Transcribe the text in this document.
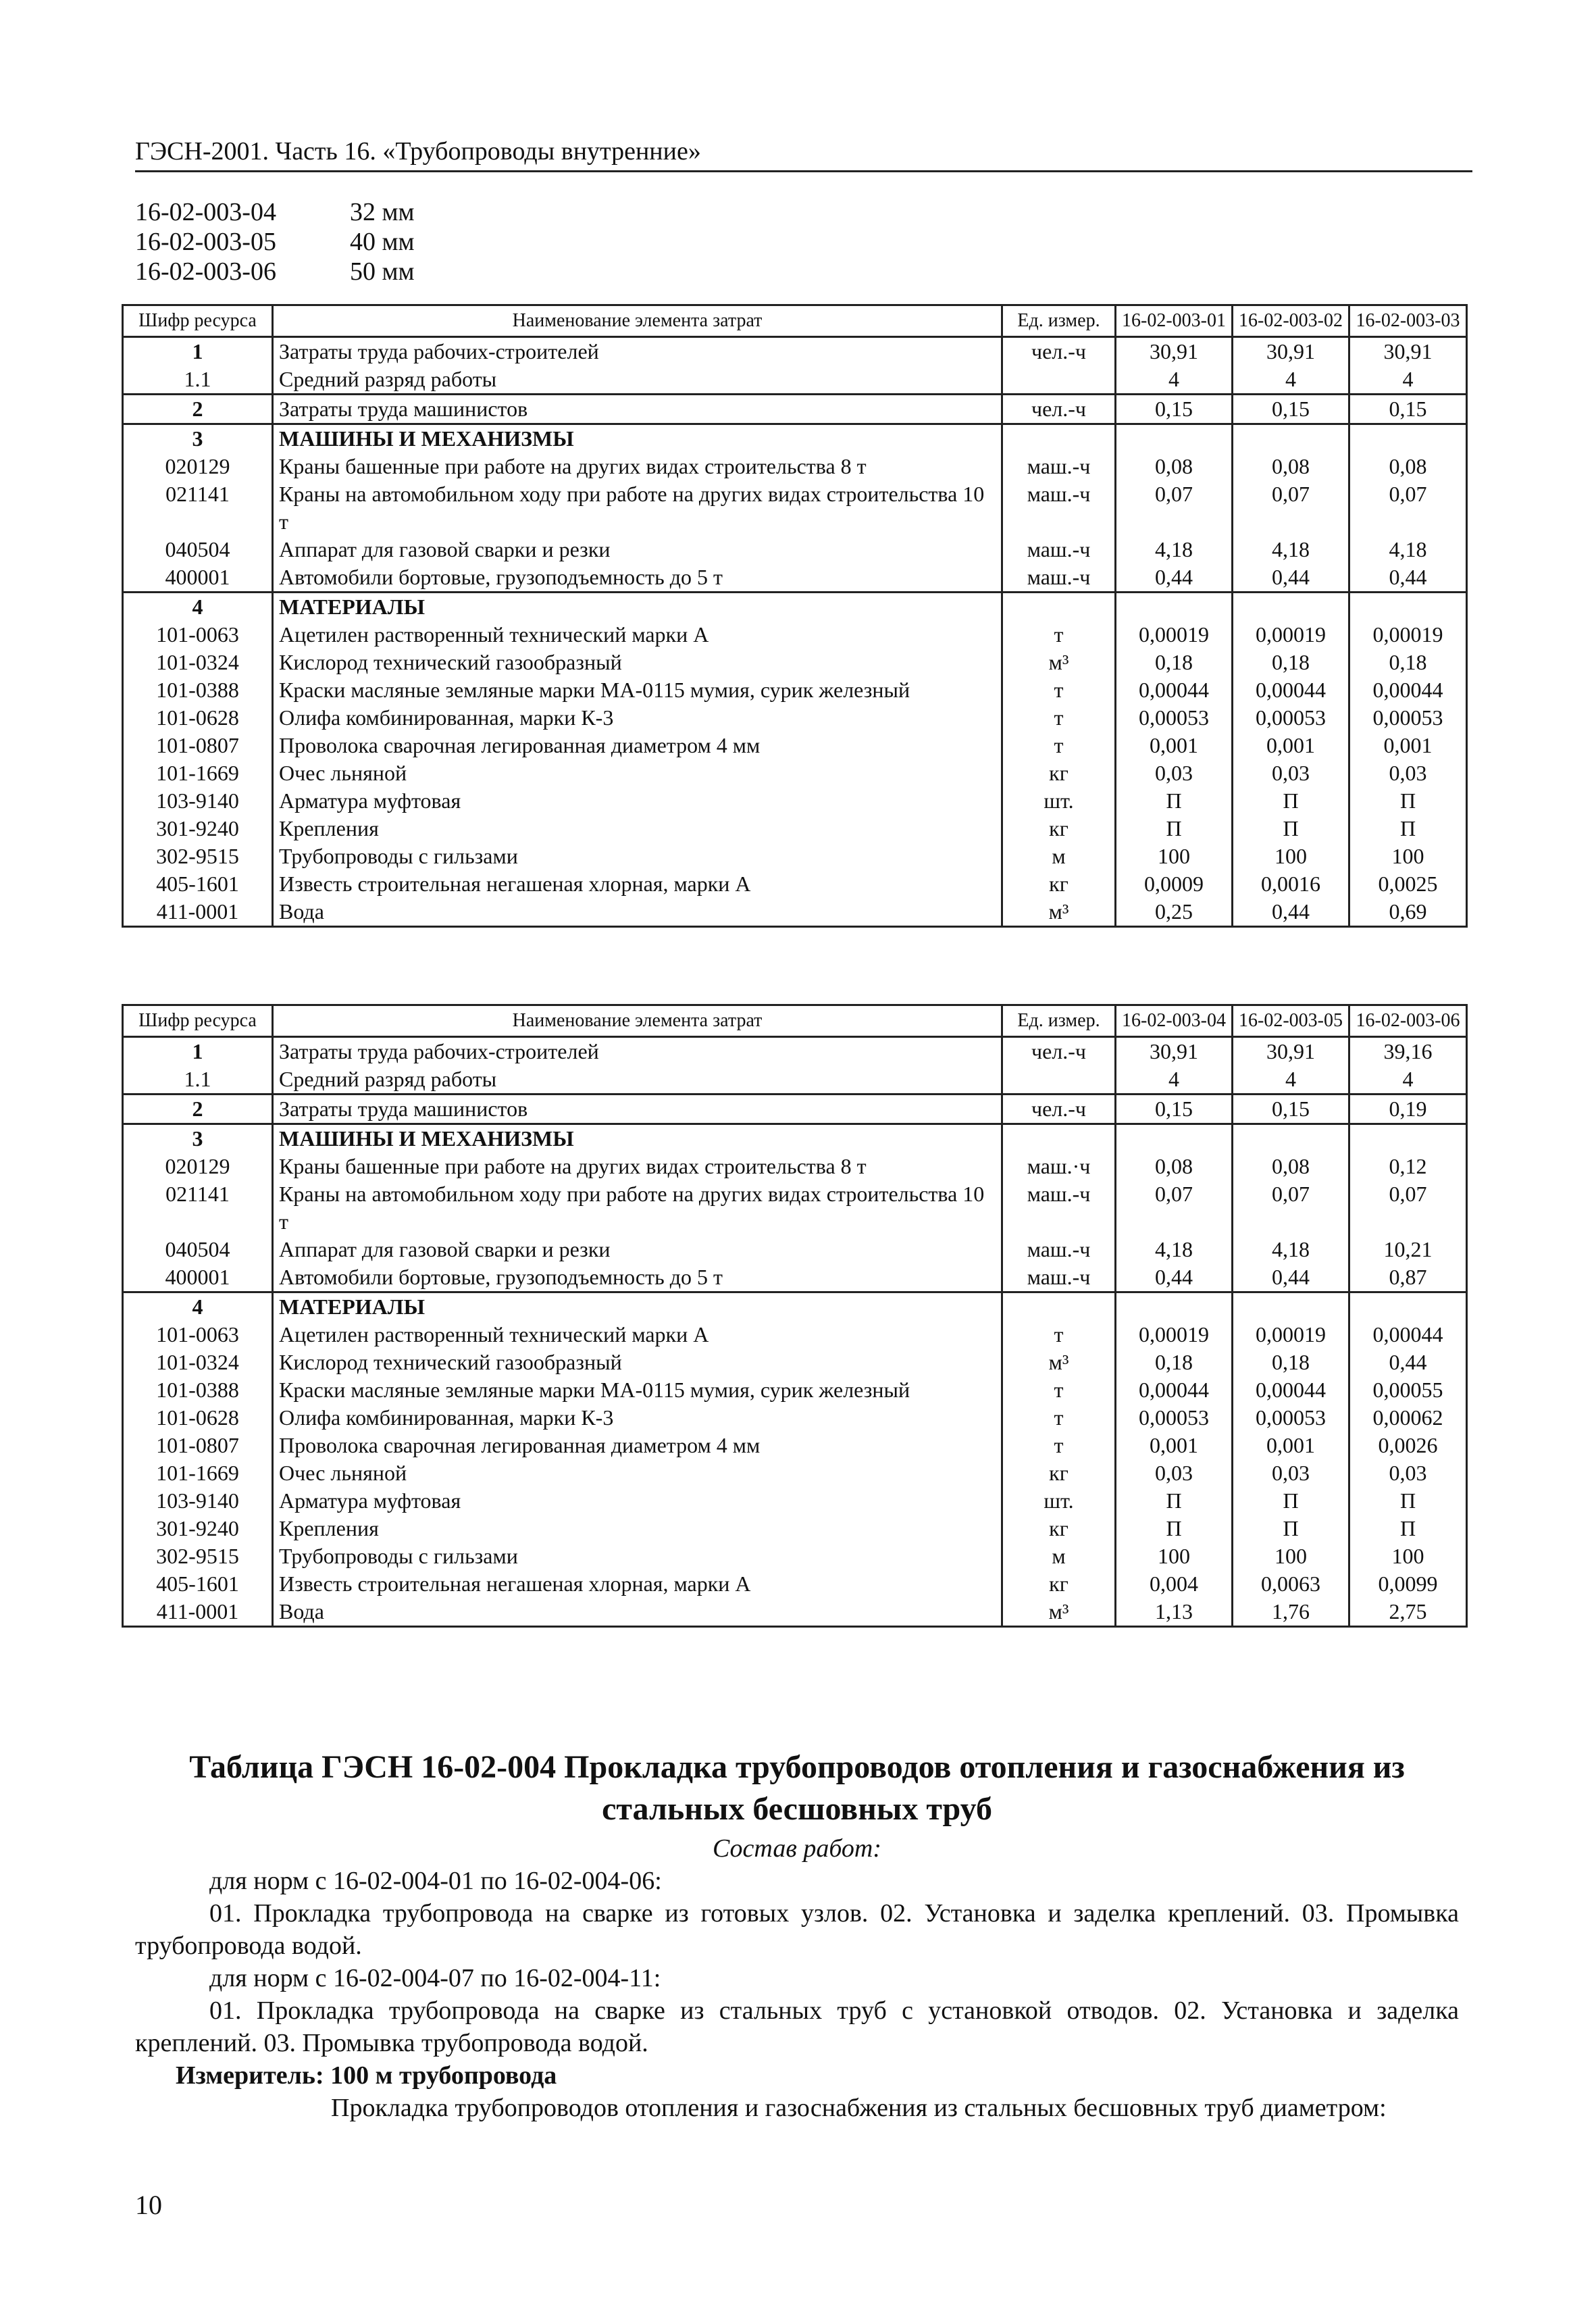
ГЭСН-2001. Часть 16. «Трубопроводы внутренние»
16-02-003-04	32 мм
16-02-003-05	40 мм
16-02-003-06	50 мм
Шифр ресурса	Наименование элемента затрат	Ед. измер.	16-02-003-01	16-02-003-02	16-02-003-03
1	Затраты труда рабочих-строителей	чел.-ч	30,91	30,91	30,91
1.1	Средний разряд работы		4	4	4
2	Затраты труда машинистов	чел.-ч	0,15	0,15	0,15
3	МАШИНЫ И МЕХАНИЗМЫ				
020129	Краны башенные при работе на других видах строительства 8 т	маш.-ч	0,08	0,08	0,08
021141	Краны на автомобильном ходу при работе на других видах строительства 10 т	маш.-ч	0,07	0,07	0,07
040504	Аппарат для газовой сварки и резки	маш.-ч	4,18	4,18	4,18
400001	Автомобили бортовые, грузоподъемность до 5 т	маш.-ч	0,44	0,44	0,44
4	МАТЕРИАЛЫ				
101-0063	Ацетилен растворенный технический марки А	т	0,00019	0,00019	0,00019
101-0324	Кислород технический газообразный	м³	0,18	0,18	0,18
101-0388	Краски масляные земляные марки МА-0115 мумия, сурик железный	т	0,00044	0,00044	0,00044
101-0628	Олифа комбинированная, марки К-3	т	0,00053	0,00053	0,00053
101-0807	Проволока сварочная легированная диаметром 4 мм	т	0,001	0,001	0,001
101-1669	Очес льняной	кг	0,03	0,03	0,03
103-9140	Арматура муфтовая	шт.	П	П	П
301-9240	Крепления	кг	П	П	П
302-9515	Трубопроводы с гильзами	м	100	100	100
405-1601	Известь строительная негашеная хлорная, марки А	кг	0,0009	0,0016	0,0025
411-0001	Вода	м³	0,25	0,44	0,69
Шифр ресурса	Наименование элемента затрат	Ед. измер.	16-02-003-04	16-02-003-05	16-02-003-06
1	Затраты труда рабочих-строителей	чел.-ч	30,91	30,91	39,16
1.1	Средний разряд работы		4	4	4
2	Затраты труда машинистов	чел.-ч	0,15	0,15	0,19
3	МАШИНЫ И МЕХАНИЗМЫ				
020129	Краны башенные при работе на других видах строительства 8 т	маш.·ч	0,08	0,08	0,12
021141	Краны на автомобильном ходу при работе на других видах строительства 10 т	маш.-ч	0,07	0,07	0,07
040504	Аппарат для газовой сварки и резки	маш.-ч	4,18	4,18	10,21
400001	Автомобили бортовые, грузоподъемность до 5 т	маш.-ч	0,44	0,44	0,87
4	МАТЕРИАЛЫ				
101-0063	Ацетилен растворенный технический марки А	т	0,00019	0,00019	0,00044
101-0324	Кислород технический газообразный	м³	0,18	0,18	0,44
101-0388	Краски масляные земляные марки МА-0115 мумия, сурик железный	т	0,00044	0,00044	0,00055
101-0628	Олифа комбинированная, марки К-3	т	0,00053	0,00053	0,00062
101-0807	Проволока сварочная легированная диаметром 4 мм	т	0,001	0,001	0,0026
101-1669	Очес льняной	кг	0,03	0,03	0,03
103-9140	Арматура муфтовая	шт.	П	П	П
301-9240	Крепления	кг	П	П	П
302-9515	Трубопроводы с гильзами	м	100	100	100
405-1601	Известь строительная негашеная хлорная, марки А	кг	0,004	0,0063	0,0099
411-0001	Вода	м³	1,13	1,76	2,75
Таблица ГЭСН 16-02-004 Прокладка трубопроводов отопления и газоснабжения из стальных бесшовных труб
Состав работ:

для норм с 16-02-004-01 по 16-02-004-06:

01. Прокладка трубопровода на сварке из готовых узлов. 02. Установка и заделка креплений. 03. Промывка трубопровода водой.

для норм с 16-02-004-07 по 16-02-004-11:

01. Прокладка трубопровода на сварке из стальных труб с установкой отводов. 02. Установка и заделка креплений. 03. Промывка трубопровода водой.

Измеритель: 100 м трубопровода

Прокладка трубопроводов отопления и газоснабжения из стальных бесшовных труб диаметром:

10
